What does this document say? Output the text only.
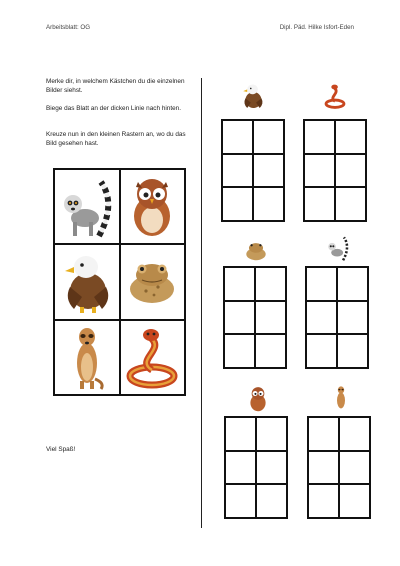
Arbeitsblatt: OG	Dipl. Päd. Hilke Isfort-Eden

Merke dir, in welchem Kästchen du die einzelnen Bilder siehst.

Biege das Blatt an der dicken Linie nach hinten.

Kreuze nun in den kleinen Rastern an, wo du das Bild gesehen hast.

Viel Spaß!
